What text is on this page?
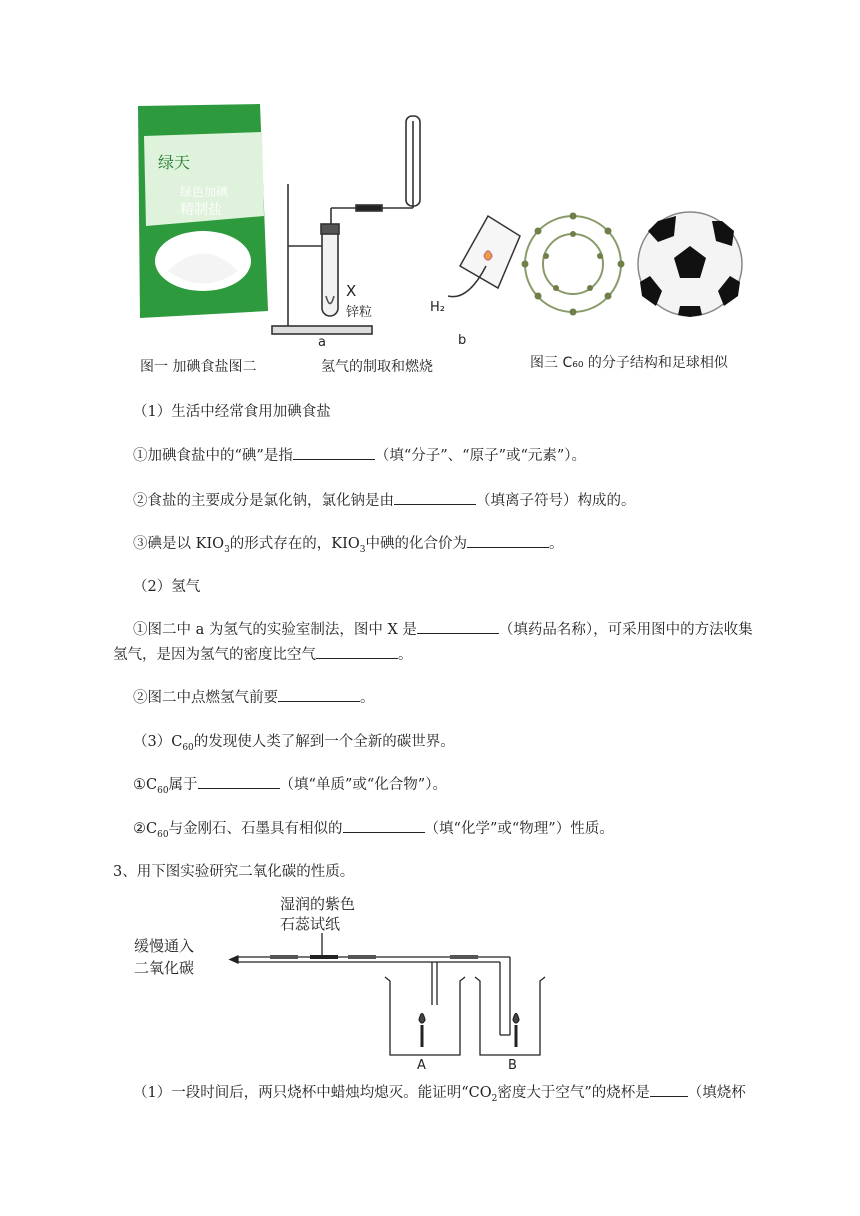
绿天
绿色加碘
精制盐
X
锌粒
a
H₂
b
图一 加碘食盐图二	氢气的制取和燃烧	图三 C₆₀ 的分子结构和足球相似
（1）生活中经常食用加碘食盐
①加碘食盐中的“碘”是指	（填“分子”、“原子”或“元素”）。
②食盐的主要成分是氯化钠，氯化钠是由	（填离子符号）构成的。
③碘是以 $KIO_3$的形式存在的，$KIO_3$中碘的化合价为	。
（2）氢气
①图二中 a 为氢气的实验室制法，图中 X 是	（填药品名称），可采用图中的方法收集
氢气，是因为氢气的密度比空气	。
②图二中点燃氢气前要	。
$(3)C_{60}$的发现使人类了解到一个全新的碳世界。
$①C_{60}$属于	（填“单质”或“化合物”）。
$②C_{60}$与金刚石、石墨具有相似的	（填“化学”或“物理”）性质。
3、用下图实验研究二氧化碳的性质。
湿润的紫色
石蕊试纸
缓慢通入
二氧化碳
A	B
（1）一段时间后，两只烧杯中蜡烛均熄灭。能证明“$CO_2$密度大于空气”的烧杯是	（填烧杯
